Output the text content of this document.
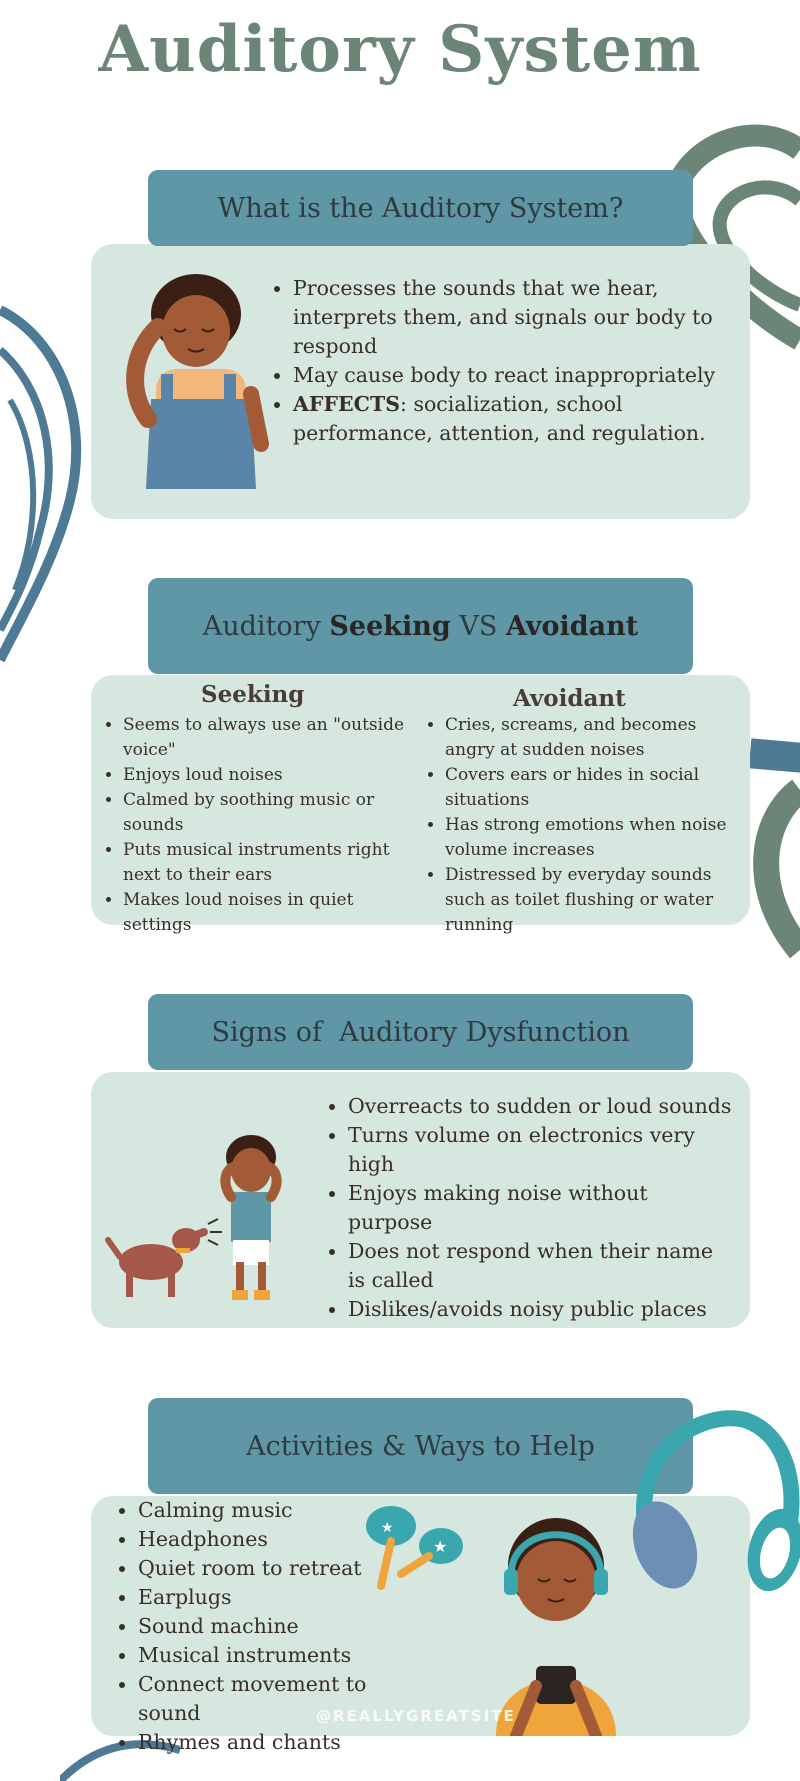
Auditory System
What is the Auditory System?
• Processes the sounds that we hear, interprets them, and signals our body to respond
• May cause body to react inappropriately
• AFFECTS: socialization, school performance, attention, and regulation.
Auditory Seeking VS Avoidant
Seeking	Avoidant
• Seems to always use an "outside voice"
• Enjoys loud noises
• Calmed by soothing music or sounds
• Puts musical instruments right next to their ears
• Makes loud noises in quiet settings
• Cries, screams, and becomes angry at sudden noises
• Covers ears or hides in social situations
• Has strong emotions when noise volume increases
• Distressed by everyday sounds such as toilet flushing or water running
Signs of  Auditory Dysfunction
• Overreacts to sudden or loud sounds
• Turns volume on electronics very high
• Enjoys making noise without purpose
• Does not respond when their name is called
• Dislikes/avoids noisy public places
Activities & Ways to Help
• Calming music
• Headphones
• Quiet room to retreat
• Earplugs
• Sound machine
• Musical instruments
• Connect movement to sound
• Rhymes and chants
★
★
@REALLYGREATSITE
